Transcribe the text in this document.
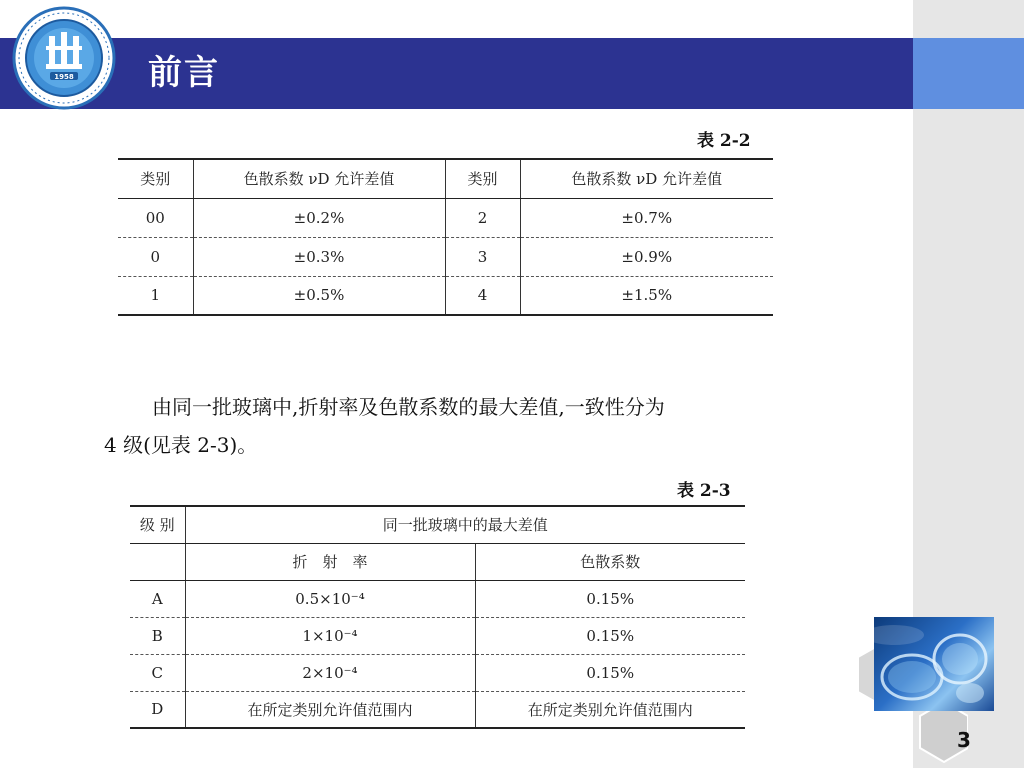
前言
1958
表 2-2
类别	色散系数 νD 允许差值	类别	色散系数 νD 允许差值
00	±0.2%	2	±0.7%
0	±0.3%	3	±0.9%
1	±0.5%	4	±1.5%
由同一批玻璃中,折射率及色散系数的最大差值,一致性分为
4 级(见表 2-3)。
表 2-3
级 别	同一批玻璃中的最大差值	
	折　射　率	色散系数
A	0.5×10⁻⁴	0.15%
B	1×10⁻⁴	0.15%
C	2×10⁻⁴	0.15%
D	在所定类别允许值范围内	在所定类别允许值范围内
3
